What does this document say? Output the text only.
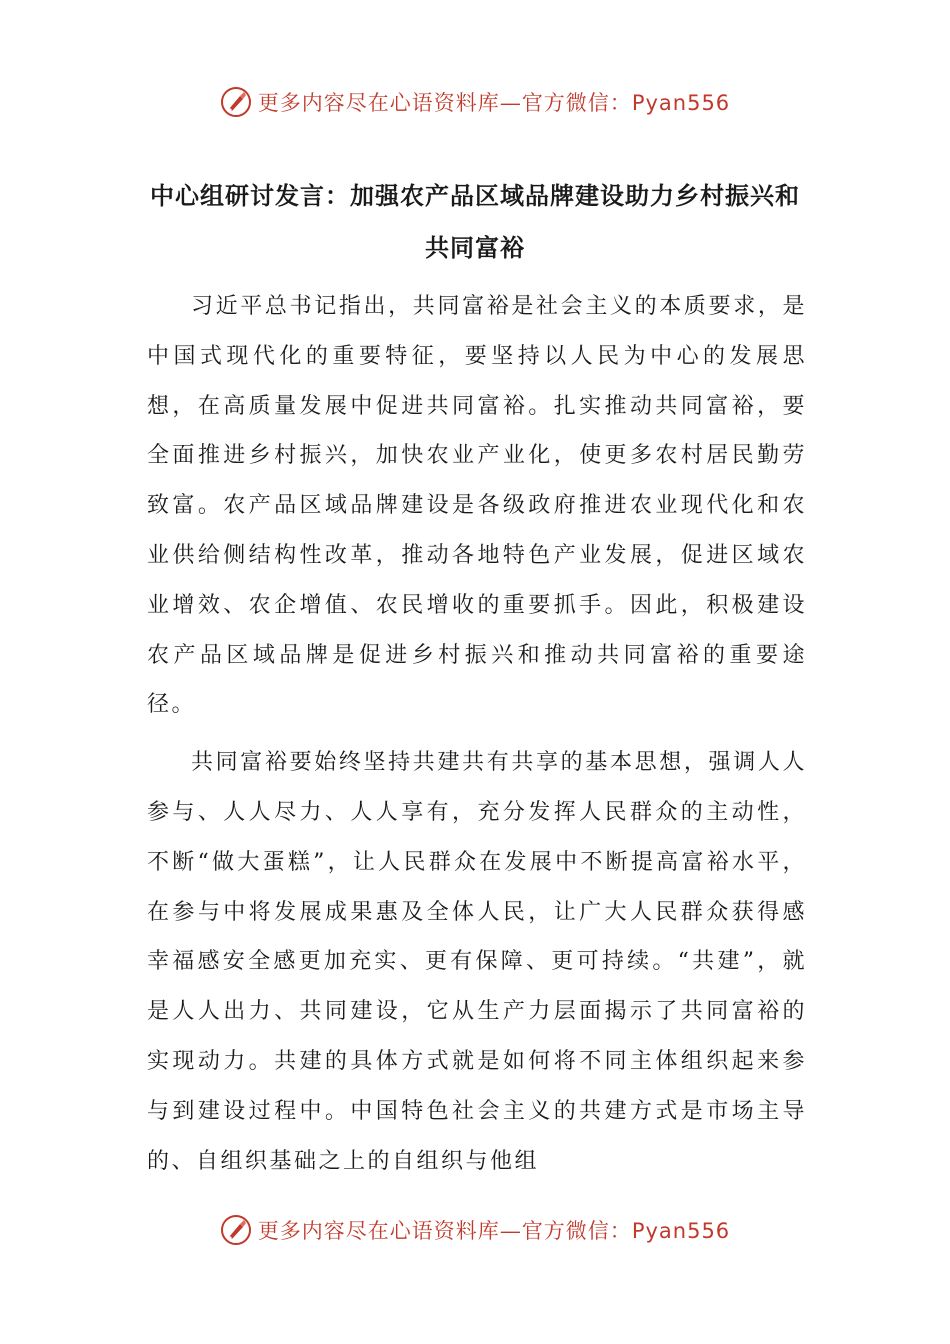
更多内容尽在心语资料库—官方微信：Pyan556
中心组研讨发言：加强农产品区域品牌建设助力乡村振兴和共同富裕

习近平总书记指出，共同富裕是社会主义的本质要求，是中国式现代化的重要特征，要坚持以人民为中心的发展思想，在高质量发展中促进共同富裕。扎实推动共同富裕，要全面推进乡村振兴，加快农业产业化，使更多农村居民勤劳致富。农产品区域品牌建设是各级政府推进农业现代化和农业供给侧结构性改革，推动各地特色产业发展，促进区域农业增效、农企增值、农民增收的重要抓手。因此，积极建设农产品区域品牌是促进乡村振兴和推动共同富裕的重要途径。

共同富裕要始终坚持共建共有共享的基本思想，强调人人参与、人人尽力、人人享有，充分发挥人民群众的主动性，不断“做大蛋糕”，让人民群众在发展中不断提高富裕水平，在参与中将发展成果惠及全体人民，让广大人民群众获得感幸福感安全感更加充实、更有保障、更可持续。“共建”，就是人人出力、共同建设，它从生产力层面揭示了共同富裕的实现动力。共建的具体方式就是如何将不同主体组织起来参与到建设过程中。中国特色社会主义的共建方式是市场主导的、自组织基础之上的自组织与他组

更多内容尽在心语资料库—官方微信：Pyan556
